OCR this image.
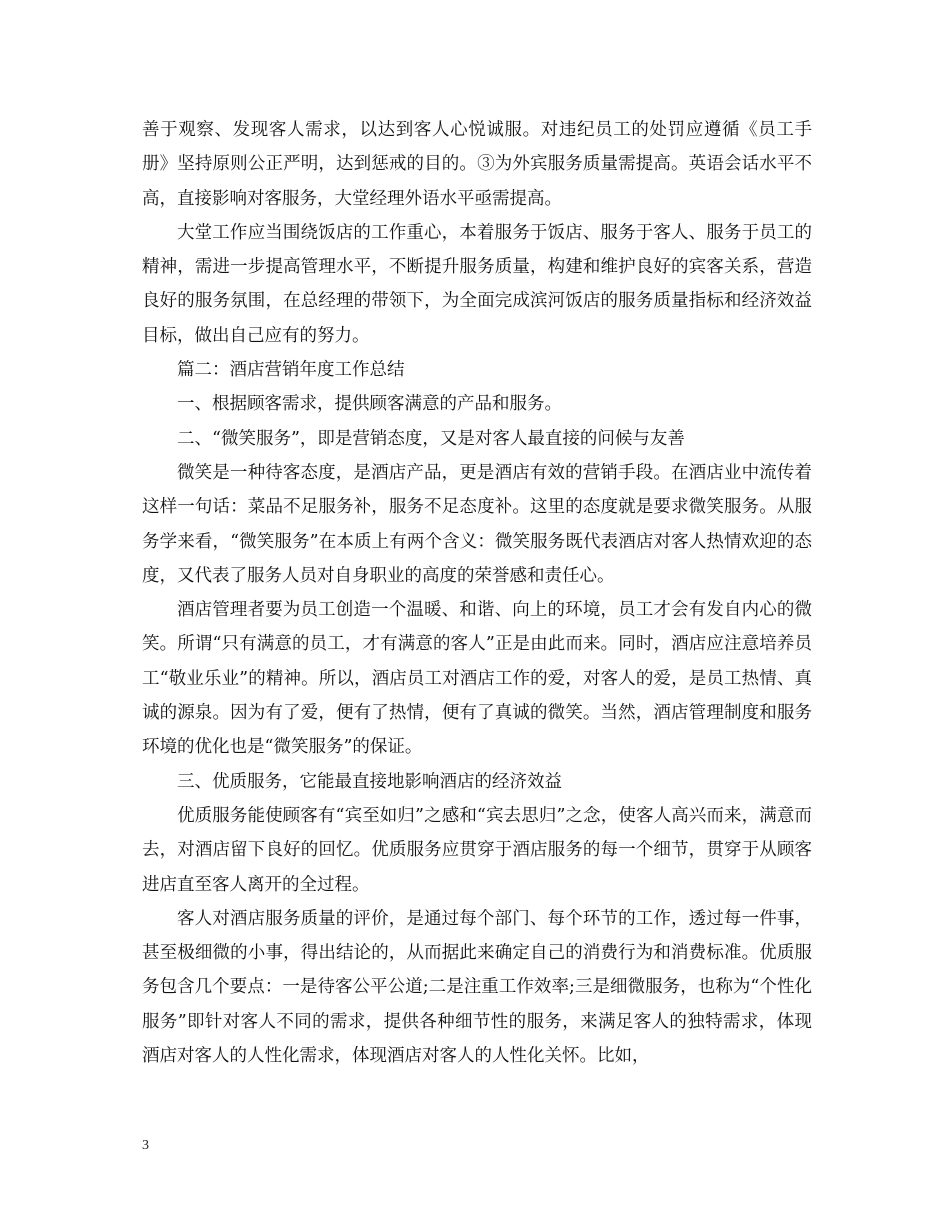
善于观察、发现客人需求，以达到客人心悦诚服。对违纪员工的处罚应遵循《员工手册》坚持原则公正严明，达到惩戒的目的。③为外宾服务质量需提高。英语会话水平不高，直接影响对客服务，大堂经理外语水平亟需提高。

大堂工作应当围绕饭店的工作重心，本着服务于饭店、服务于客人、服务于员工的精神，需进一步提高管理水平，不断提升服务质量，构建和维护良好的宾客关系，营造良好的服务氛围，在总经理的带领下，为全面完成滨河饭店的服务质量指标和经济效益目标，做出自己应有的努力。

篇二：酒店营销年度工作总结

一、根据顾客需求，提供顾客满意的产品和服务。

二、“微笑服务”，即是营销态度，又是对客人最直接的问候与友善

微笑是一种待客态度，是酒店产品，更是酒店有效的营销手段。在酒店业中流传着这样一句话：菜品不足服务补，服务不足态度补。这里的态度就是要求微笑服务。从服务学来看，“微笑服务”在本质上有两个含义：微笑服务既代表酒店对客人热情欢迎的态度，又代表了服务人员对自身职业的高度的荣誉感和责任心。

酒店管理者要为员工创造一个温暖、和谐、向上的环境，员工才会有发自内心的微笑。所谓“只有满意的员工，才有满意的客人”正是由此而来。同时，酒店应注意培养员工“敬业乐业”的精神。所以，酒店员工对酒店工作的爱，对客人的爱，是员工热情、真诚的源泉。因为有了爱，便有了热情，便有了真诚的微笑。当然，酒店管理制度和服务环境的优化也是“微笑服务”的保证。

三、优质服务，它能最直接地影响酒店的经济效益

优质服务能使顾客有“宾至如归”之感和“宾去思归”之念，使客人高兴而来，满意而去，对酒店留下良好的回忆。优质服务应贯穿于酒店服务的每一个细节，贯穿于从顾客进店直至客人离开的全过程。

客人对酒店服务质量的评价，是通过每个部门、每个环节的工作，透过每一件事，甚至极细微的小事，得出结论的，从而据此来确定自己的消费行为和消费标准。优质服务包含几个要点：一是待客公平公道;二是注重工作效率;三是细微服务，也称为“个性化服务”即针对客人不同的需求，提供各种细节性的服务，来满足客人的独特需求，体现酒店对客人的人性化需求，体现酒店对客人的人性化关怀。比如，

3
